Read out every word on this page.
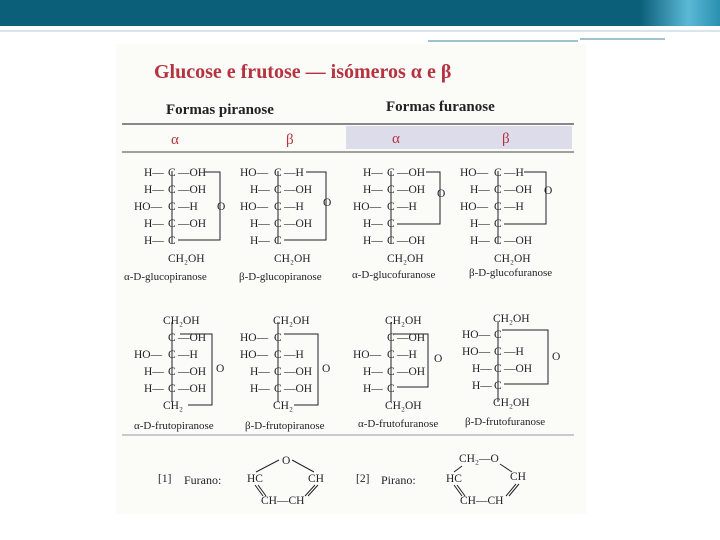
Glucose e frutose — isómeros α e β
Formas piranose	Formas furanose
α	β	α	β
C
H— —OH
C
H— —OH
C
HO— —H
C
H— —OH
C
H—
CH₂OH
O
C
HO— —H
C
H— —OH
C
HO— —H
C
H— —OH
C
H—
CH₂OH
O
C
H— —OH
C
H— —OH
C
HO— —H
C
H—
C
H— —OH
CH₂OH
O
C
HO— —H
C
H— —OH
C
HO— —H
C
H—
C
H— —OH
CH₂OH
O
α-D-glucopiranose	β-D-glucopiranose	α-D-glucofuranose	β-D-glucofuranose
CH₂OH
C —OH
C
HO— —H
C
H— —OH
C
H— —OH
CH₂
O
CH₂OH
C
HO—
C
HO— —H
C
H— —OH
C
H— —OH
CH₂
O
CH₂OH
C —OH
C
HO— —H
C
H— —OH
C
H—
CH₂OH
O
CH₂OH
C
HO—
C
HO— —H
C
H— —OH
C
H—
CH₂OH
O
α-D-frutopiranose	β-D-frutopiranose	α-D-frutofuranose β-D-frutofuranose
[1] Furano:
O
HC	CH
CH—CH
[2] Pirano:
CH₂—O
HC	CH
CH—CH
